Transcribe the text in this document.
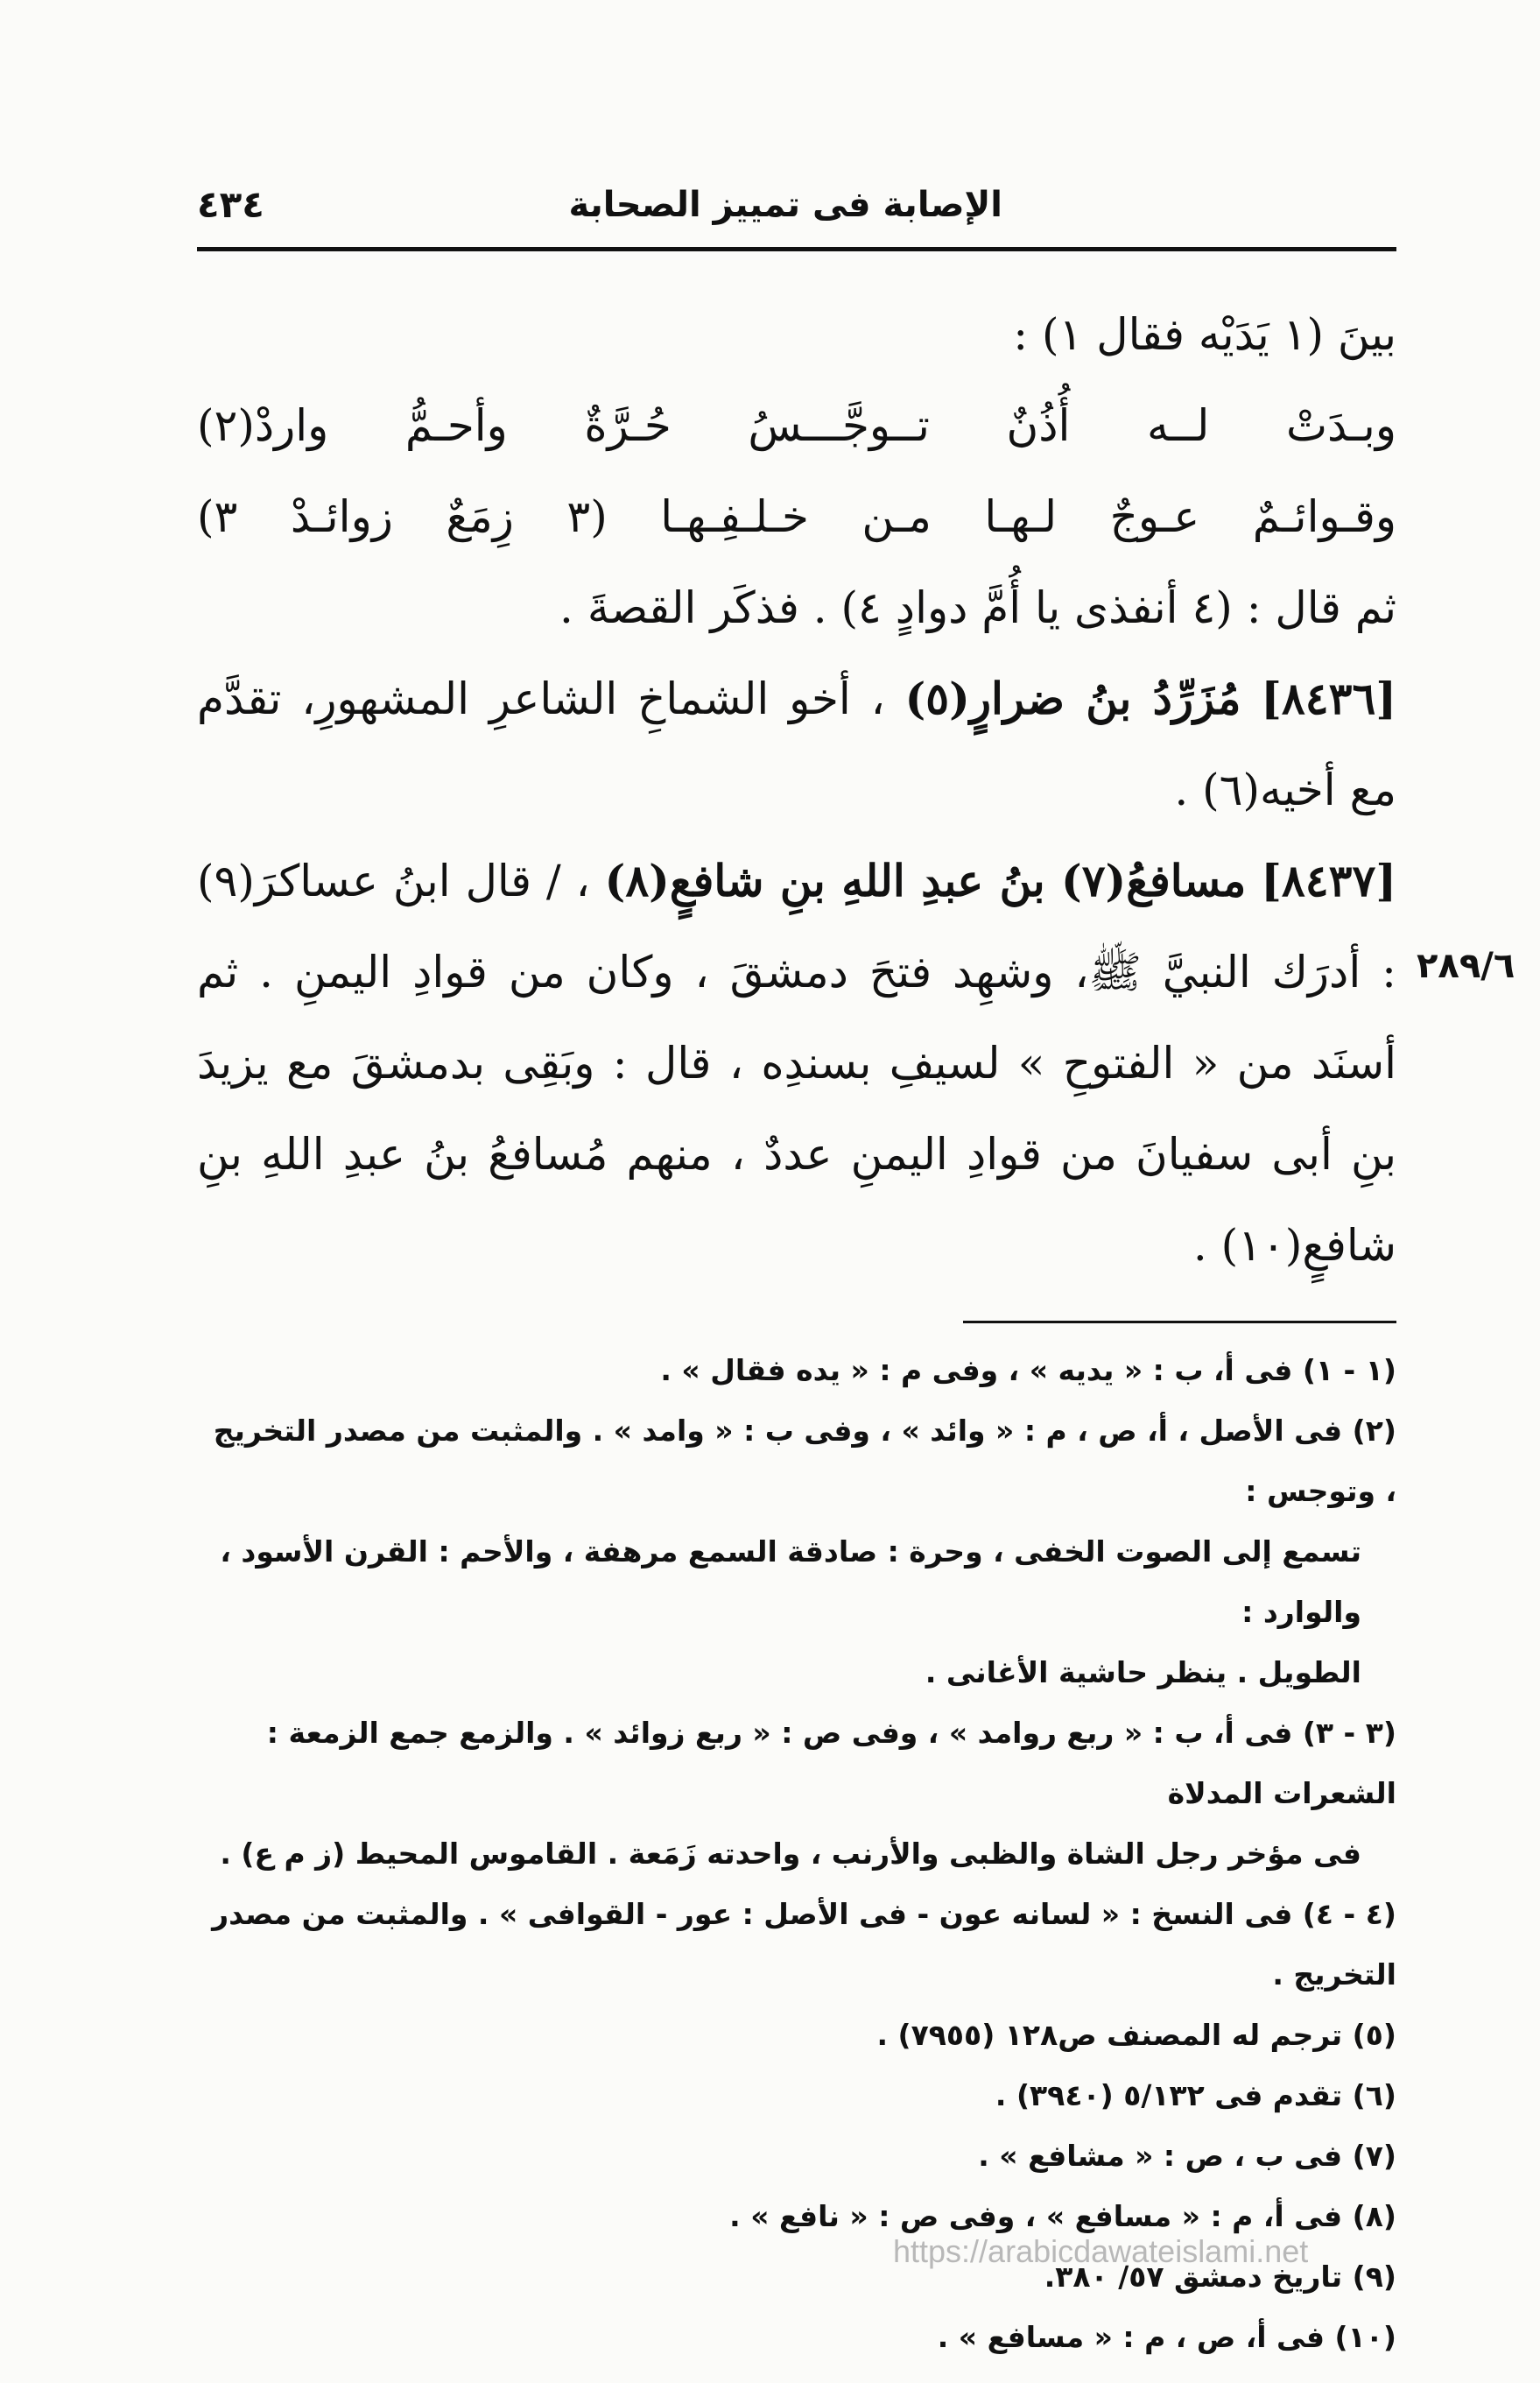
الإصابة فى تمييز الصحابة
٤٣٤

بينَ (١ يَدَيْه فقال ١) :

وبـدَتْ لــه أُذُنٌ تــوجَّـــسُ حُـرَّةٌ وأحـمُّ واردْ(٢)

وقـوائـمٌ عـوجٌ لـهـا مـن خـلـفِـهـا (٣ زِمَعٌ زوائـدْ ٣)

ثم قال : (٤ أنفذى يا أُمَّ دوادٍ ٤) . فذكَر القصةَ .

[٨٤٣٦] مُزَرِّدُ بنُ ضرارٍ(٥) ، أخو الشماخِ الشاعرِ المشهورِ، تقدَّم مع أخيه(٦) .

[٨٤٣٧] مسافعُ(٧) بنُ عبدِ اللهِ بنِ شافعٍ(٨) ، / قال ابنُ عساكرَ(٩) : أدرَك النبيَّ ﷺ، وشهِد فتحَ دمشقَ ، وكان من قوادِ اليمنِ . ثم أسنَد من « الفتوحِ » لسيفِ بسندِه ، قال : وبَقِى بدمشقَ مع يزيدَ بنِ أبى سفيانَ من قوادِ اليمنِ عددٌ ، منهم مُسافعُ بنُ عبدِ اللهِ بنِ شافعٍ(١٠) .

٢٨٩/٦

(١ - ١) فى أ، ب : « يديه » ، وفى م : « يده فقال » .

(٢) فى الأصل ، أ، ص ، م : « وائد » ، وفى ب : « وامد » . والمثبت من مصدر التخريج ، وتوجس :

تسمع إلى الصوت الخفى ، وحرة : صادقة السمع مرهفة ، والأحم : القرن الأسود ، والوارد :

الطويل . ينظر حاشية الأغانى .

(٣ - ٣) فى أ، ب : « ربع روامد » ، وفى ص : « ربع زوائد » . والزمع جمع الزمعة : الشعرات المدلاة

فى مؤخر رجل الشاة والظبى والأرنب ، واحدته زَمَعة . القاموس المحيط (ز م ع) .

(٤ - ٤) فى النسخ : « لسانه عون - فى الأصل : عور - القوافى » . والمثبت من مصدر التخريج .

(٥) ترجم له المصنف ص١٢٨ (٧٩٥٥) .

(٦) تقدم فى ٥/١٣٢ (٣٩٤٠) .

(٧) فى ب ، ص : « مشافع » .

(٨) فى أ، م : « مسافع » ، وفى ص : « نافع » .

(٩) تاريخ دمشق ٥٧/ ٣٨٠.

(١٠) فى أ، ص ، م : « مسافع » .

https://arabicdawateislami.net
